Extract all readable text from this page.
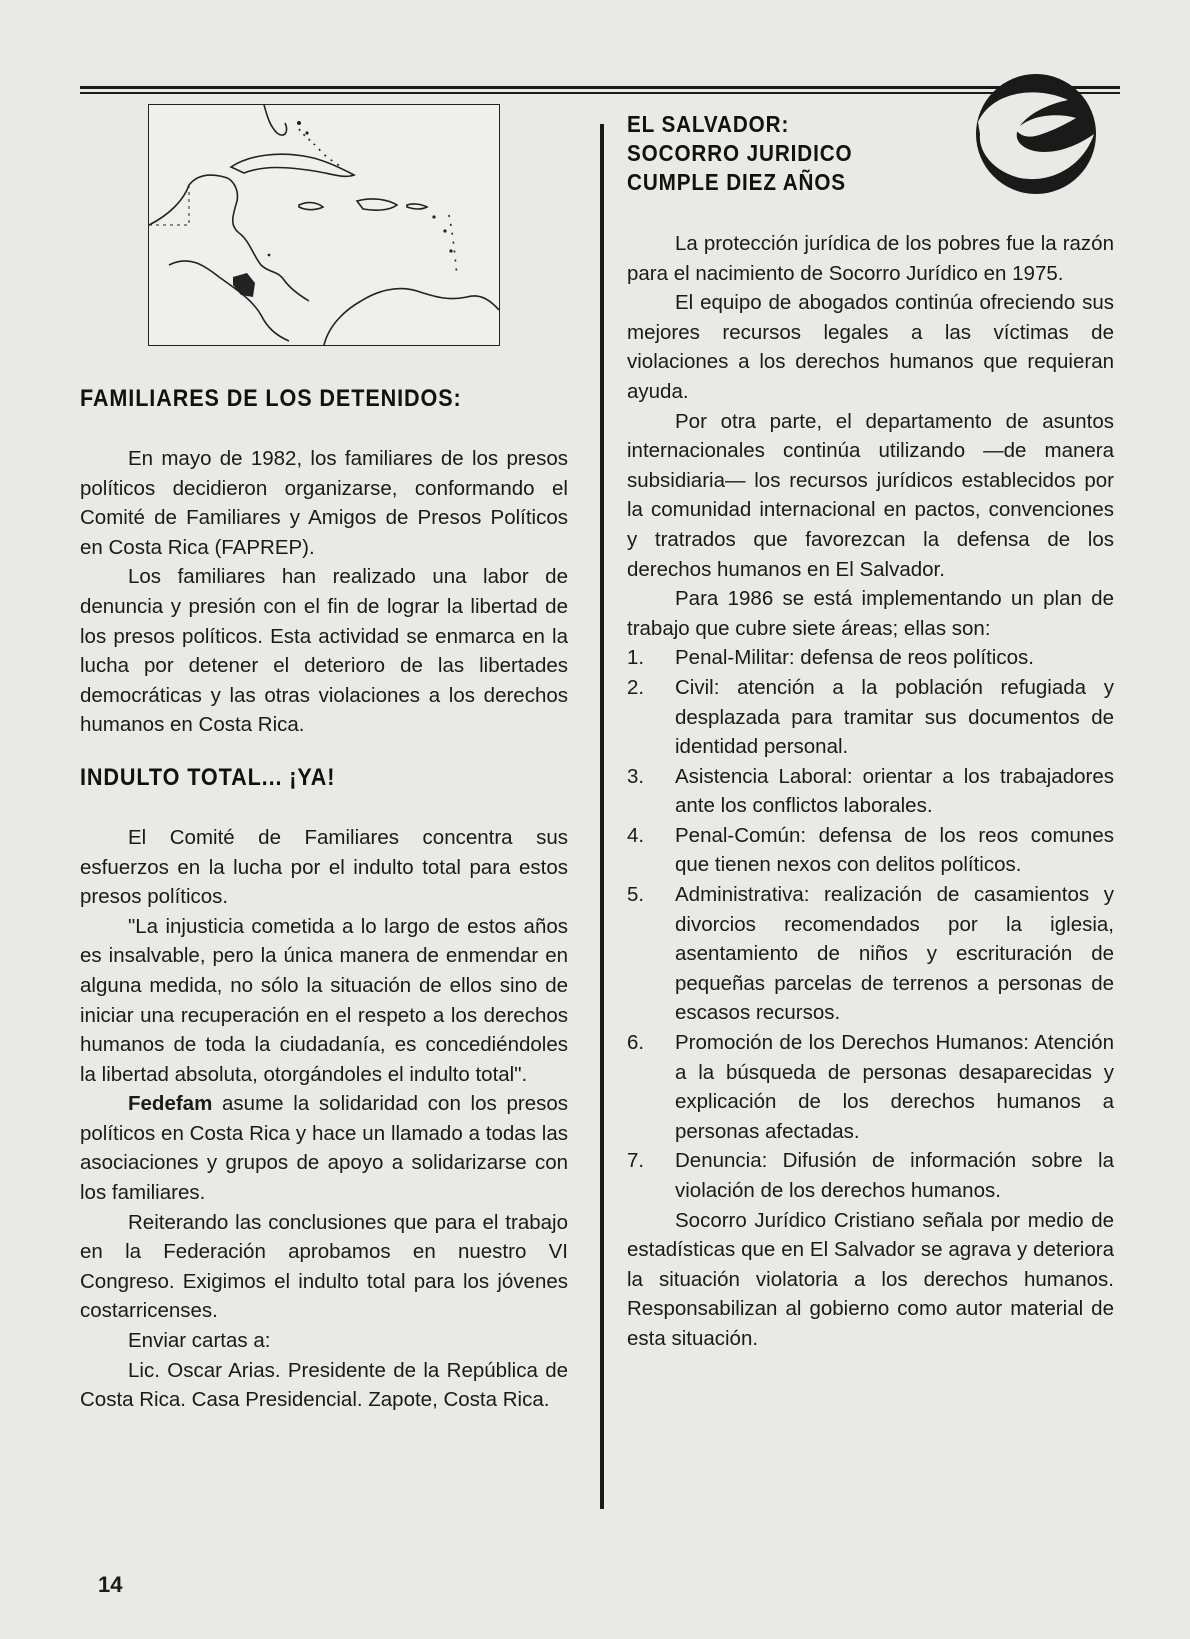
FAMILIARES DE LOS DETENIDOS:

En mayo de 1982, los familiares de los presos políticos decidieron organizarse, conformando el Comité de Familiares y Amigos de Presos Políticos en Costa Rica (FAPREP).

Los familiares han realizado una labor de denuncia y presión con el fin de lograr la libertad de los presos políticos. Esta actividad se enmarca en la lucha por detener el deterioro de las libertades democráticas y las otras violaciones a los derechos humanos en Costa Rica.

INDULTO TOTAL... ¡YA!

El Comité de Familiares concentra sus esfuerzos en la lucha por el indulto total para estos presos políticos.

"La injusticia cometida a lo largo de estos años es insalvable, pero la única manera de enmendar en alguna medida, no sólo la situación de ellos sino de iniciar una recuperación en el respeto a los derechos humanos de toda la ciudadanía, es concediéndoles la libertad absoluta, otorgándoles el indulto total".

Fedefam asume la solidaridad con los presos políticos en Costa Rica y hace un llamado a todas las asociaciones y grupos de apoyo a solidarizarse con los familiares.

Reiterando las conclusiones que para el trabajo en la Federación aprobamos en nuestro VI Congreso. Exigimos el indulto total para los jóvenes costarricenses.

Enviar cartas a:

Lic. Oscar Arias. Presidente de la República de Costa Rica. Casa Presidencial. Zapote, Costa Rica.

EL SALVADOR:
SOCORRO JURIDICO
CUMPLE DIEZ AÑOS

La protección jurídica de los pobres fue la razón para el nacimiento de Socorro Jurídico en 1975.

El equipo de abogados continúa ofreciendo sus mejores recursos legales a las víctimas de violaciones a los derechos humanos que requieran ayuda.

Por otra parte, el departamento de asuntos internacionales continúa utilizando —de manera subsidiaria— los recursos jurídicos establecidos por la comunidad internacional en pactos, convenciones y tratrados que favorezcan la defensa de los derechos humanos en El Salvador.

Para 1986 se está implementando un plan de trabajo que cubre siete áreas; ellas son:

1.	Penal-Militar: defensa de reos políticos.
2.	Civil: atención a la población refugiada y desplazada para tramitar sus documentos de identidad personal.
3.	Asistencia Laboral: orientar a los trabajadores ante los conflictos laborales.
4.	Penal-Común: defensa de los reos comunes que tienen nexos con delitos políticos.
5.	Administrativa: realización de casamientos y divorcios recomendados por la iglesia, asentamiento de niños y escrituración de pequeñas parcelas de terrenos a personas de escasos recursos.
6.	Promoción de los Derechos Humanos: Atención a la búsqueda de personas desaparecidas y explicación de los derechos humanos a personas afectadas.
7.	Denuncia: Difusión de información sobre la violación de los derechos humanos.

Socorro Jurídico Cristiano señala por medio de estadísticas que en El Salvador se agrava y deteriora la situación violatoria a los derechos humanos. Responsabilizan al gobierno como autor material de esta situación.

14
